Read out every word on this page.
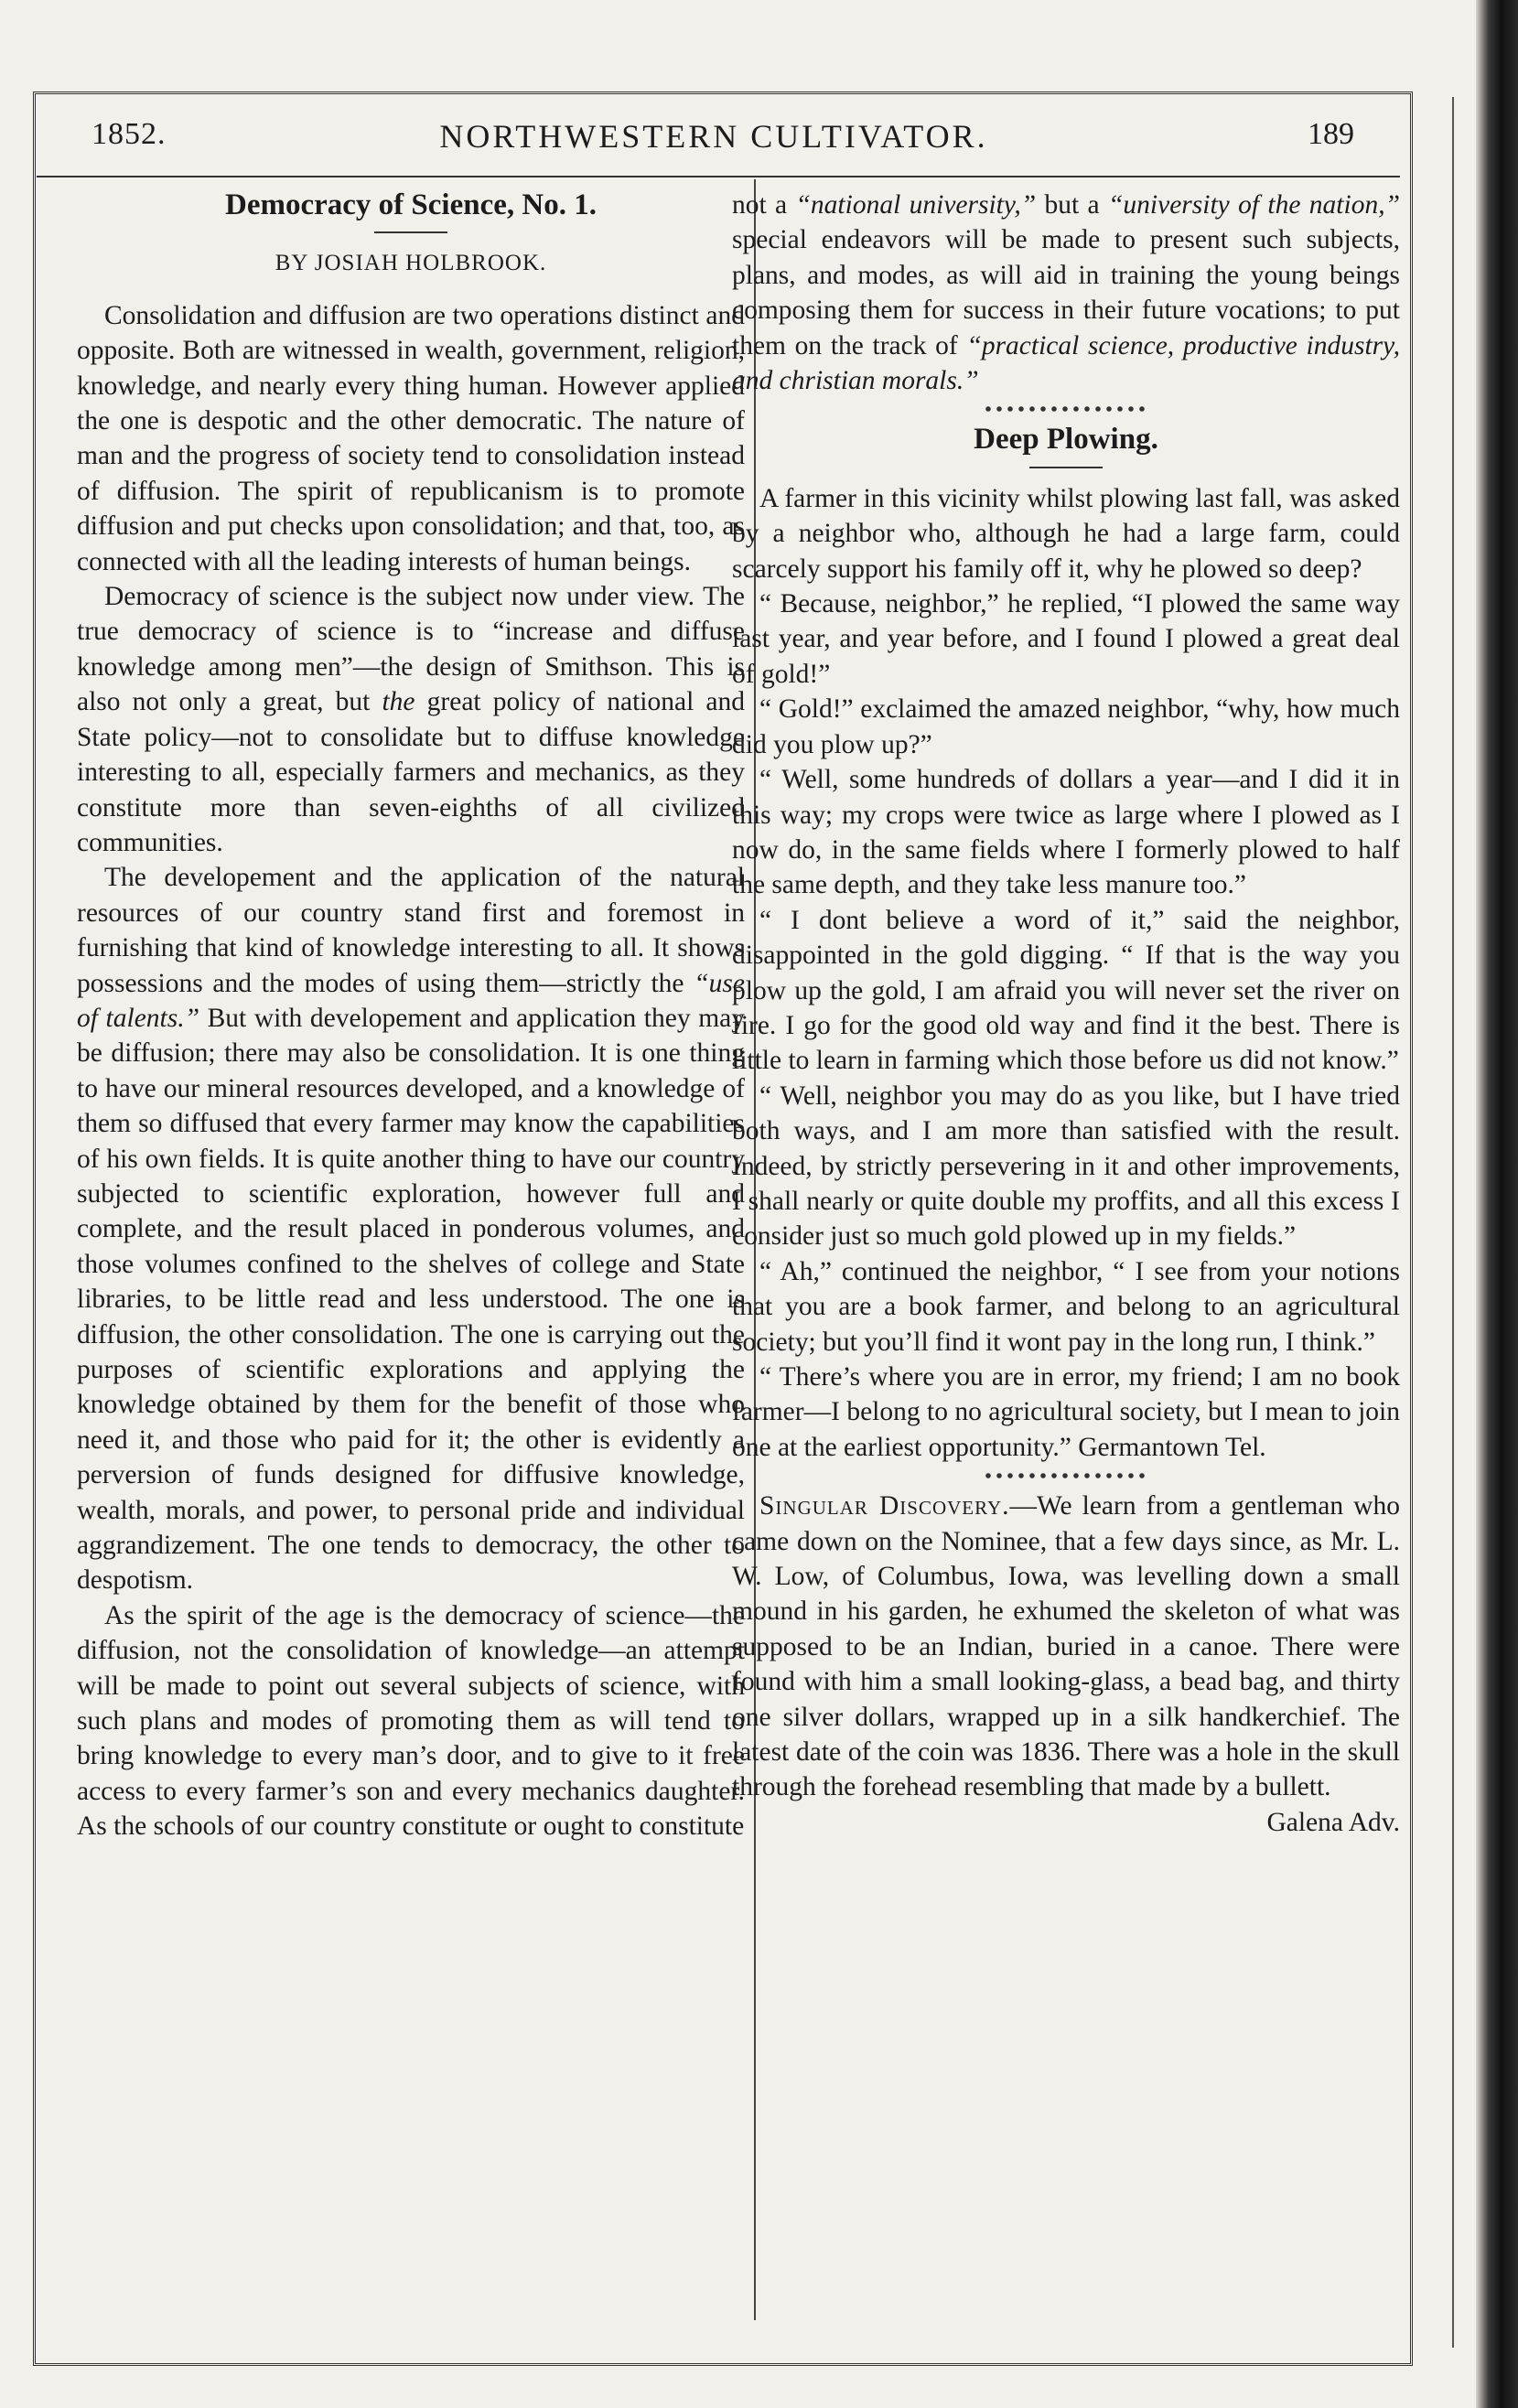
1852.	NORTHWESTERN CULTIVATOR.	189
Democracy of Science, No. 1.
BY JOSIAH HOLBROOK.

Consolidation and diffusion are two operations distinct and opposite. Both are witnessed in wealth, government, religion, knowledge, and nearly every thing human. However applied the one is despotic and the other democratic. The nature of man and the progress of society tend to consolidation instead of diffusion. The spirit of republicanism is to promote diffusion and put checks upon consolidation; and that, too, as connected with all the leading interests of human beings.

Democracy of science is the subject now under view. The true democracy of science is to “increase and diffuse knowledge among men”—the design of Smithson. This is also not only a great, but the great policy of national and State policy—not to consolidate but to diffuse knowledge interesting to all, especially farmers and mechanics, as they constitute more than seven-eighths of all civilized communities.

The developement and the application of the natural resources of our country stand first and foremost in furnishing that kind of knowledge interesting to all. It shows possessions and the modes of using them—strictly the “use of talents.” But with developement and application they may be diffusion; there may also be consolidation. It is one thing to have our mineral resources developed, and a knowledge of them so diffused that every farmer may know the capabilities of his own fields. It is quite another thing to have our country subjected to scientific exploration, however full and complete, and the result placed in ponderous volumes, and those volumes confined to the shelves of college and State libraries, to be little read and less understood. The one is diffusion, the other consolidation. The one is carrying out the purposes of scientific explorations and applying the knowledge obtained by them for the benefit of those who need it, and those who paid for it; the other is evidently a perversion of funds designed for diffusive knowledge, wealth, morals, and power, to personal pride and individual aggrandizement. The one tends to democracy, the other to despotism.

As the spirit of the age is the democracy of science—the diffusion, not the consolidation of knowledge—an attempt will be made to point out several subjects of science, with such plans and modes of promoting them as will tend to bring knowledge to every man’s door, and to give to it free access to every farmer’s son and every mechanics daughter. As the schools of our country constitute or ought to constitute

not a “national university,” but a “university of the nation,” special endeavors will be made to present such subjects, plans, and modes, as will aid in training the young beings composing them for success in their future vocations; to put them on the track of “practical science, productive industry, and christian morals.”

Deep Plowing.

A farmer in this vicinity whilst plowing last fall, was asked by a neighbor who, although he had a large farm, could scarcely support his family off it, why he plowed so deep?

“ Because, neighbor,” he replied, “I plowed the same way last year, and year before, and I found I plowed a great deal of gold!”

“ Gold!” exclaimed the amazed neighbor, “why, how much did you plow up?”

“ Well, some hundreds of dollars a year—and I did it in this way; my crops were twice as large where I plowed as I now do, in the same fields where I formerly plowed to half the same depth, and they take less manure too.”

“ I dont believe a word of it,” said the neighbor, disappointed in the gold digging. “ If that is the way you plow up the gold, I am afraid you will never set the river on fire. I go for the good old way and find it the best. There is little to learn in farming which those before us did not know.”

“ Well, neighbor you may do as you like, but I have tried both ways, and I am more than satisfied with the result. Indeed, by strictly persevering in it and other improvements, I shall nearly or quite double my proffits, and all this excess I consider just so much gold plowed up in my fields.”

“ Ah,” continued the neighbor, “ I see from your notions that you are a book farmer, and belong to an agricultural society; but you’ll find it wont pay in the long run, I think.”

“ There’s where you are in error, my friend; I am no book farmer—I belong to no agricultural society, but I mean to join one at the earliest opportunity.” Germantown Tel.

Singular Discovery.—We learn from a gentleman who came down on the Nominee, that a few days since, as Mr. L. W. Low, of Columbus, Iowa, was levelling down a small mound in his garden, he exhumed the skeleton of what was supposed to be an Indian, buried in a canoe. There were found with him a small looking-glass, a bead bag, and thirty one silver dollars, wrapped up in a silk handkerchief. The latest date of the coin was 1836. There was a hole in the skull through the forehead resembling that made by a bullett.

Galena Adv.
